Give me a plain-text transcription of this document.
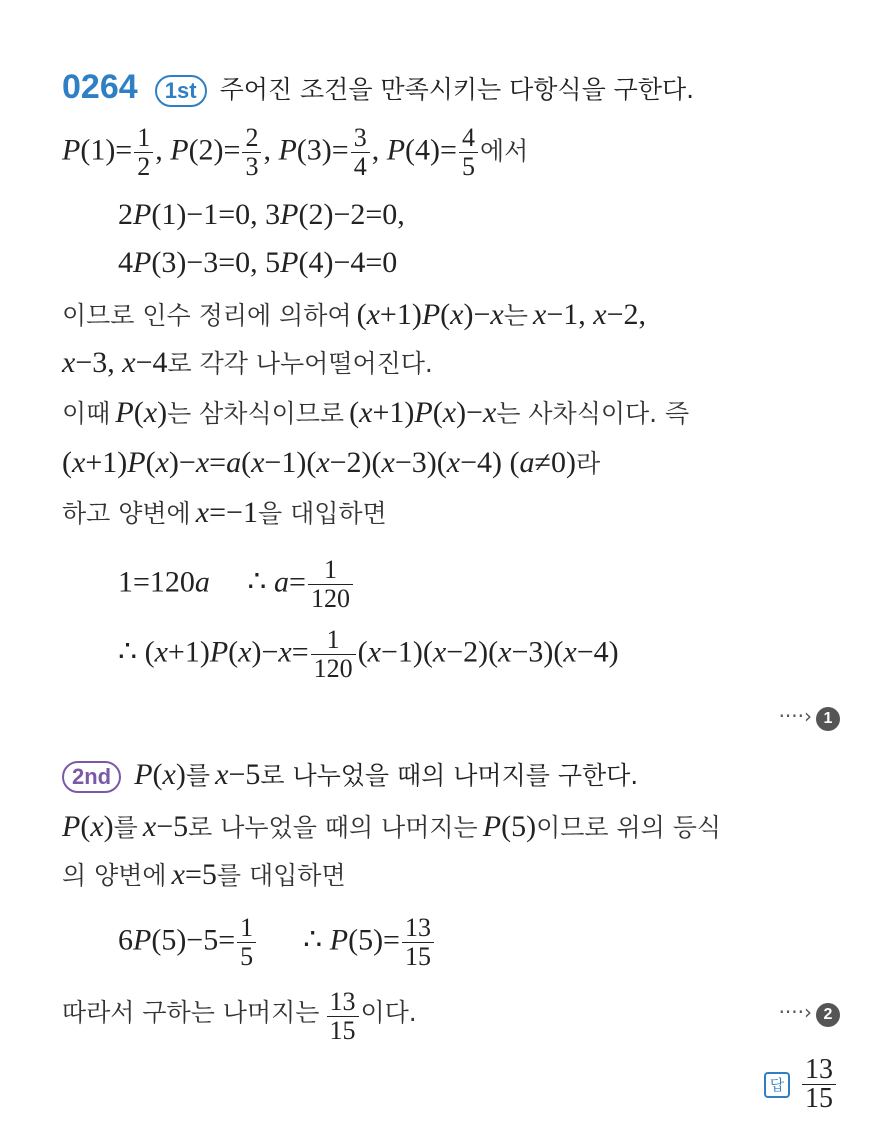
0264 1st 주어진 조건을 만족시키는 다항식을 구한다.
$P(1)= \frac{1}{2}$ , $P(2)= \frac{2}{3}$ , $P(3)= \frac{3}{4}$ , $P(4)= \frac{4}{5}$ 에서
2P(1)−1=0, 3P(2)−2=0,
4P(3)−3=0, 5P(4)−4=0
이므로 인수 정리에 의하여 (x+1)P(x)−x는 x−1, x−2,
x−3, x−4로 각각 나누어떨어진다.
이때 P(x)는 삼차식이므로 (x+1)P(x)−x는 사차식이다. 즉
(x+1)P(x)−x=a(x−1)(x−2)(x−3)(x−4) (a≠0)라
하고 양변에 x=−1을 대입하면
1=120a     ∴ $a= \frac{1}{120}$
∴ $(x+1)P(x)-x= \frac{1}{120} (x-1)(x-2)(x-3)(x-4)$
····› 1
2nd P(x)를 x−5로 나누었을 때의 나머지를 구한다.
P(x)를 x−5로 나누었을 때의 나머지는 P(5)이므로 위의 등식
의 양변에 x=5를 대입하면
$6P(5)-5= \frac{1}{5}$ ∴ $P(5)= \frac{13}{15}$
따라서 구하는 나머지는 $\frac{13}{15}$ 이다.	····› 2
답 $\frac{13}{15}$
